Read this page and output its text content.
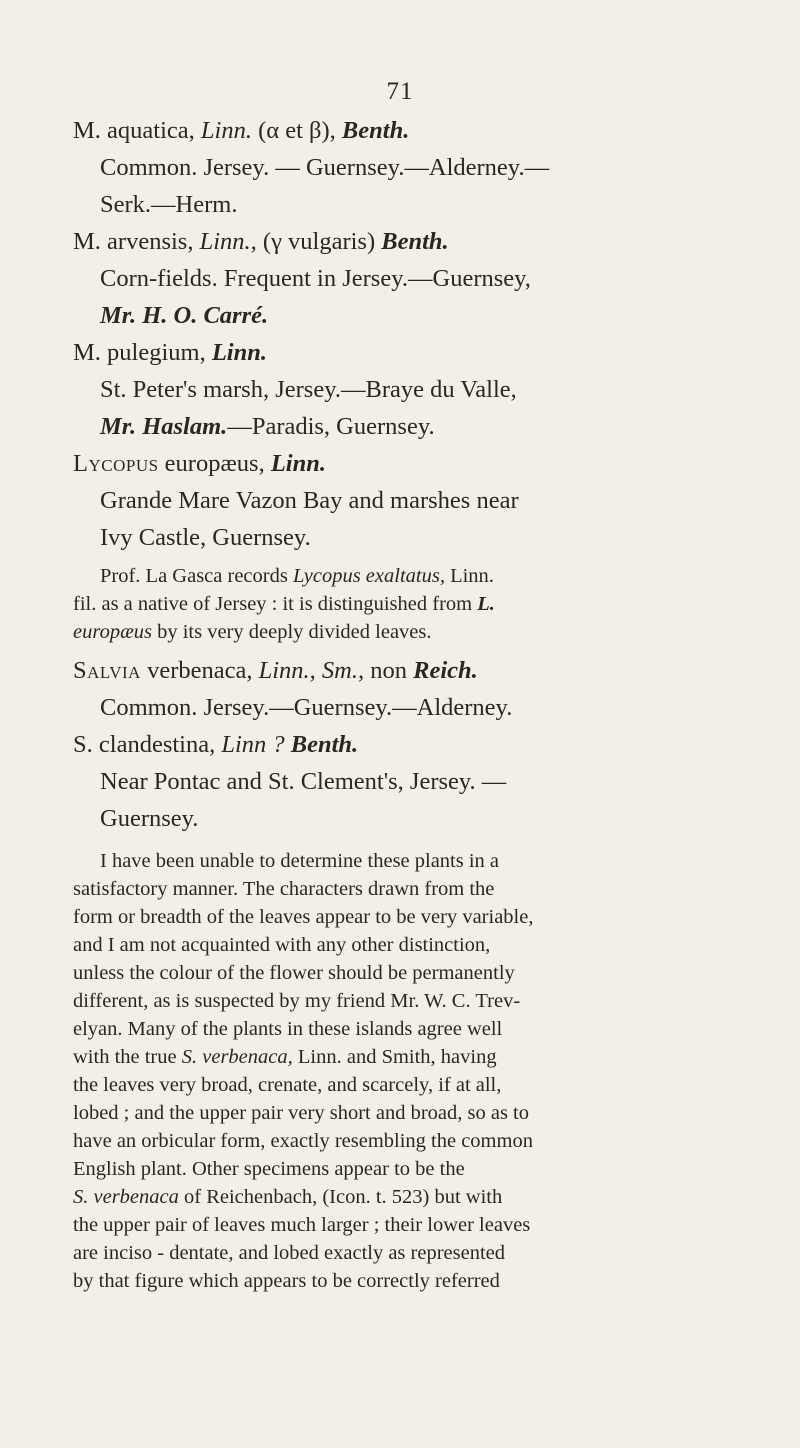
71
M. aquatica, Linn. (α et β), Benth.
Common. Jersey. — Guernsey.—Alderney.—
Serk.—Herm.
M. arvensis, Linn., (γ vulgaris) Benth.
Corn-fields. Frequent in Jersey.—Guernsey,
Mr. H. O. Carré.
M. pulegium, Linn.
St. Peter's marsh, Jersey.—Braye du Valle,
Mr. Haslam.—Paradis, Guernsey.
Lycopus europæus, Linn.
Grande Mare Vazon Bay and marshes near
Ivy Castle, Guernsey.
Prof. La Gasca records Lycopus exaltatus, Linn.
fil. as a native of Jersey : it is distinguished from L.
europæus by its very deeply divided leaves.
Salvia verbenaca, Linn., Sm., non Reich.
Common. Jersey.—Guernsey.—Alderney.
S. clandestina, Linn ? Benth.
Near Pontac and St. Clement's, Jersey. —
Guernsey.
I have been unable to determine these plants in a
satisfactory manner. The characters drawn from the
form or breadth of the leaves appear to be very variable,
and I am not acquainted with any other distinction,
unless the colour of the flower should be permanently
different, as is suspected by my friend Mr. W. C. Trev-
elyan. Many of the plants in these islands agree well
with the true S. verbenaca, Linn. and Smith, having
the leaves very broad, crenate, and scarcely, if at all,
lobed ; and the upper pair very short and broad, so as to
have an orbicular form, exactly resembling the common
English plant. Other specimens appear to be the
S. verbenaca of Reichenbach, (Icon. t. 523) but with
the upper pair of leaves much larger ; their lower leaves
are inciso - dentate, and lobed exactly as represented
by that figure which appears to be correctly referred
